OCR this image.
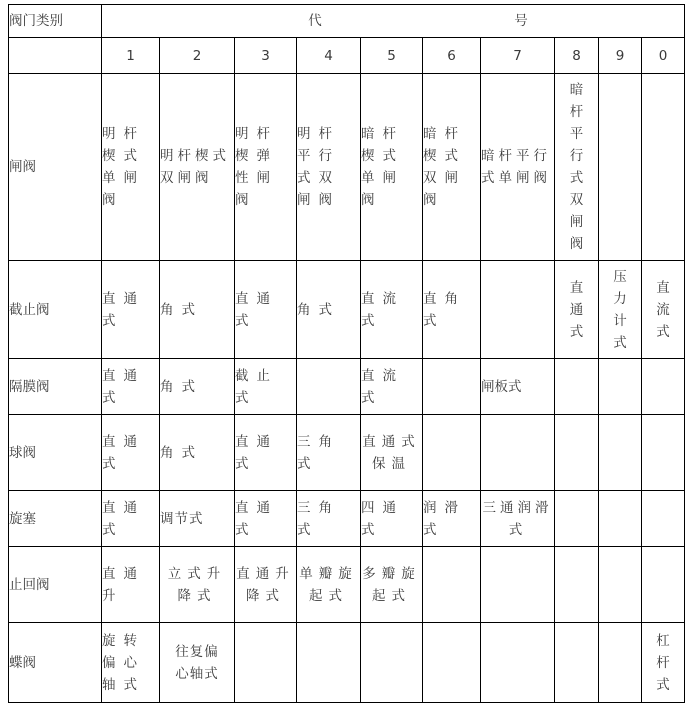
阀门类别	代 号									

	1	2	3	4	5	6	7	8	9	0
闸阀	明杆楔式单闸阀	明杆楔式双闸阀	明杆楔弹性闸阀	明杆平行式双闸阀	暗杆楔式单闸阀	暗杆楔式双闸阀	暗杆平行式单闸阀	暗杆平行式双闸阀		

截止阀	直通式	角式	直通式	角式	直流式	直角式		直通式	压力计式	直流式

隔膜阀	直通式	角式	截止式		直流式		闸板式			
球阀	直通式	角式	直通式	三角式	直通式保温					
旋塞	直通式	调节式	直通式	三角式	四通式	润滑式	三通润滑式			
止回阀	直通升	立式升降式	直通升降式	单瓣旋起式	多瓣旋起式					
蝶阀	旋转偏心轴式	往复偏心轴式								杠杆式
